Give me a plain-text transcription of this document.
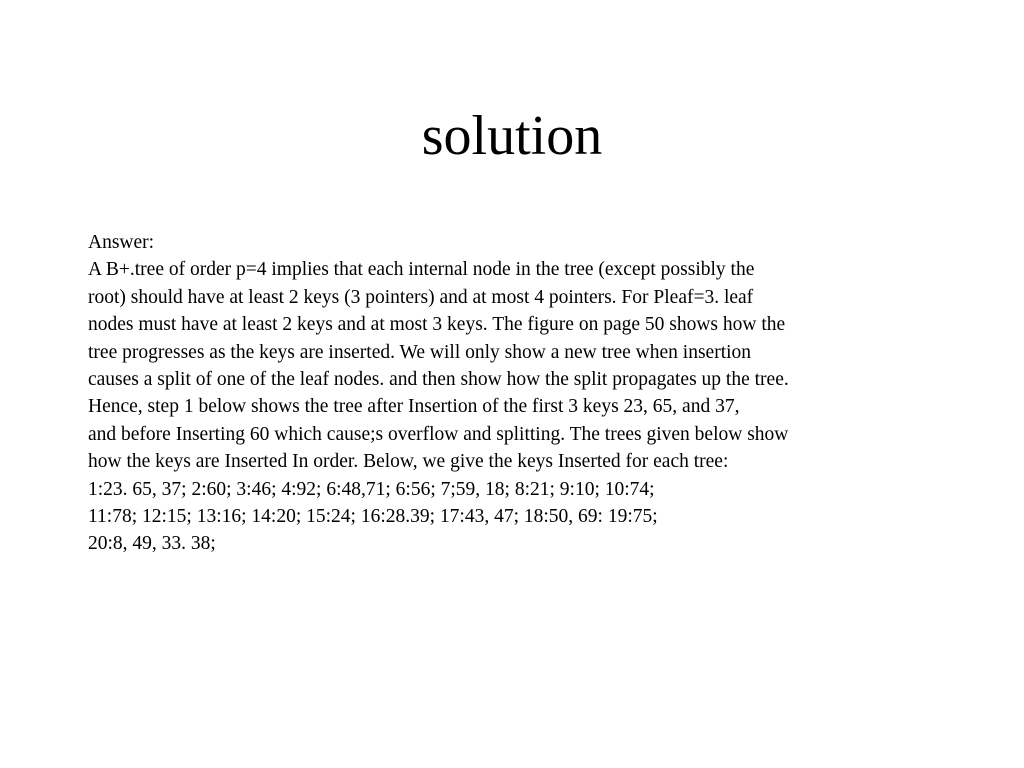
solution
Answer:
A B+.tree of order p=4 implies that each internal node in the tree (except possibly the
root) should have at least 2 keys (3 pointers) and at most 4 pointers. For Pleaf=3. leaf
nodes must have at least 2 keys and at most 3 keys. The figure on page 50 shows how the
tree progresses as the keys are inserted. We will only show a new tree when insertion
causes a split of one of the leaf nodes. and then show how the split propagates up the tree.
Hence, step 1 below shows the tree after Insertion of the first 3 keys 23, 65, and 37,
and before Inserting 60 which cause;s overflow and splitting. The trees given below show
how the keys are Inserted In order. Below, we give the keys Inserted for each tree:
1:23. 65, 37; 2:60; 3:46; 4:92; 6:48,71; 6:56; 7;59, 18; 8:21; 9:10; 10:74;
11:78; 12:15; 13:16; 14:20; 15:24; 16:28.39; 17:43, 47; 18:50, 69: 19:75;
20:8, 49, 33. 38;
